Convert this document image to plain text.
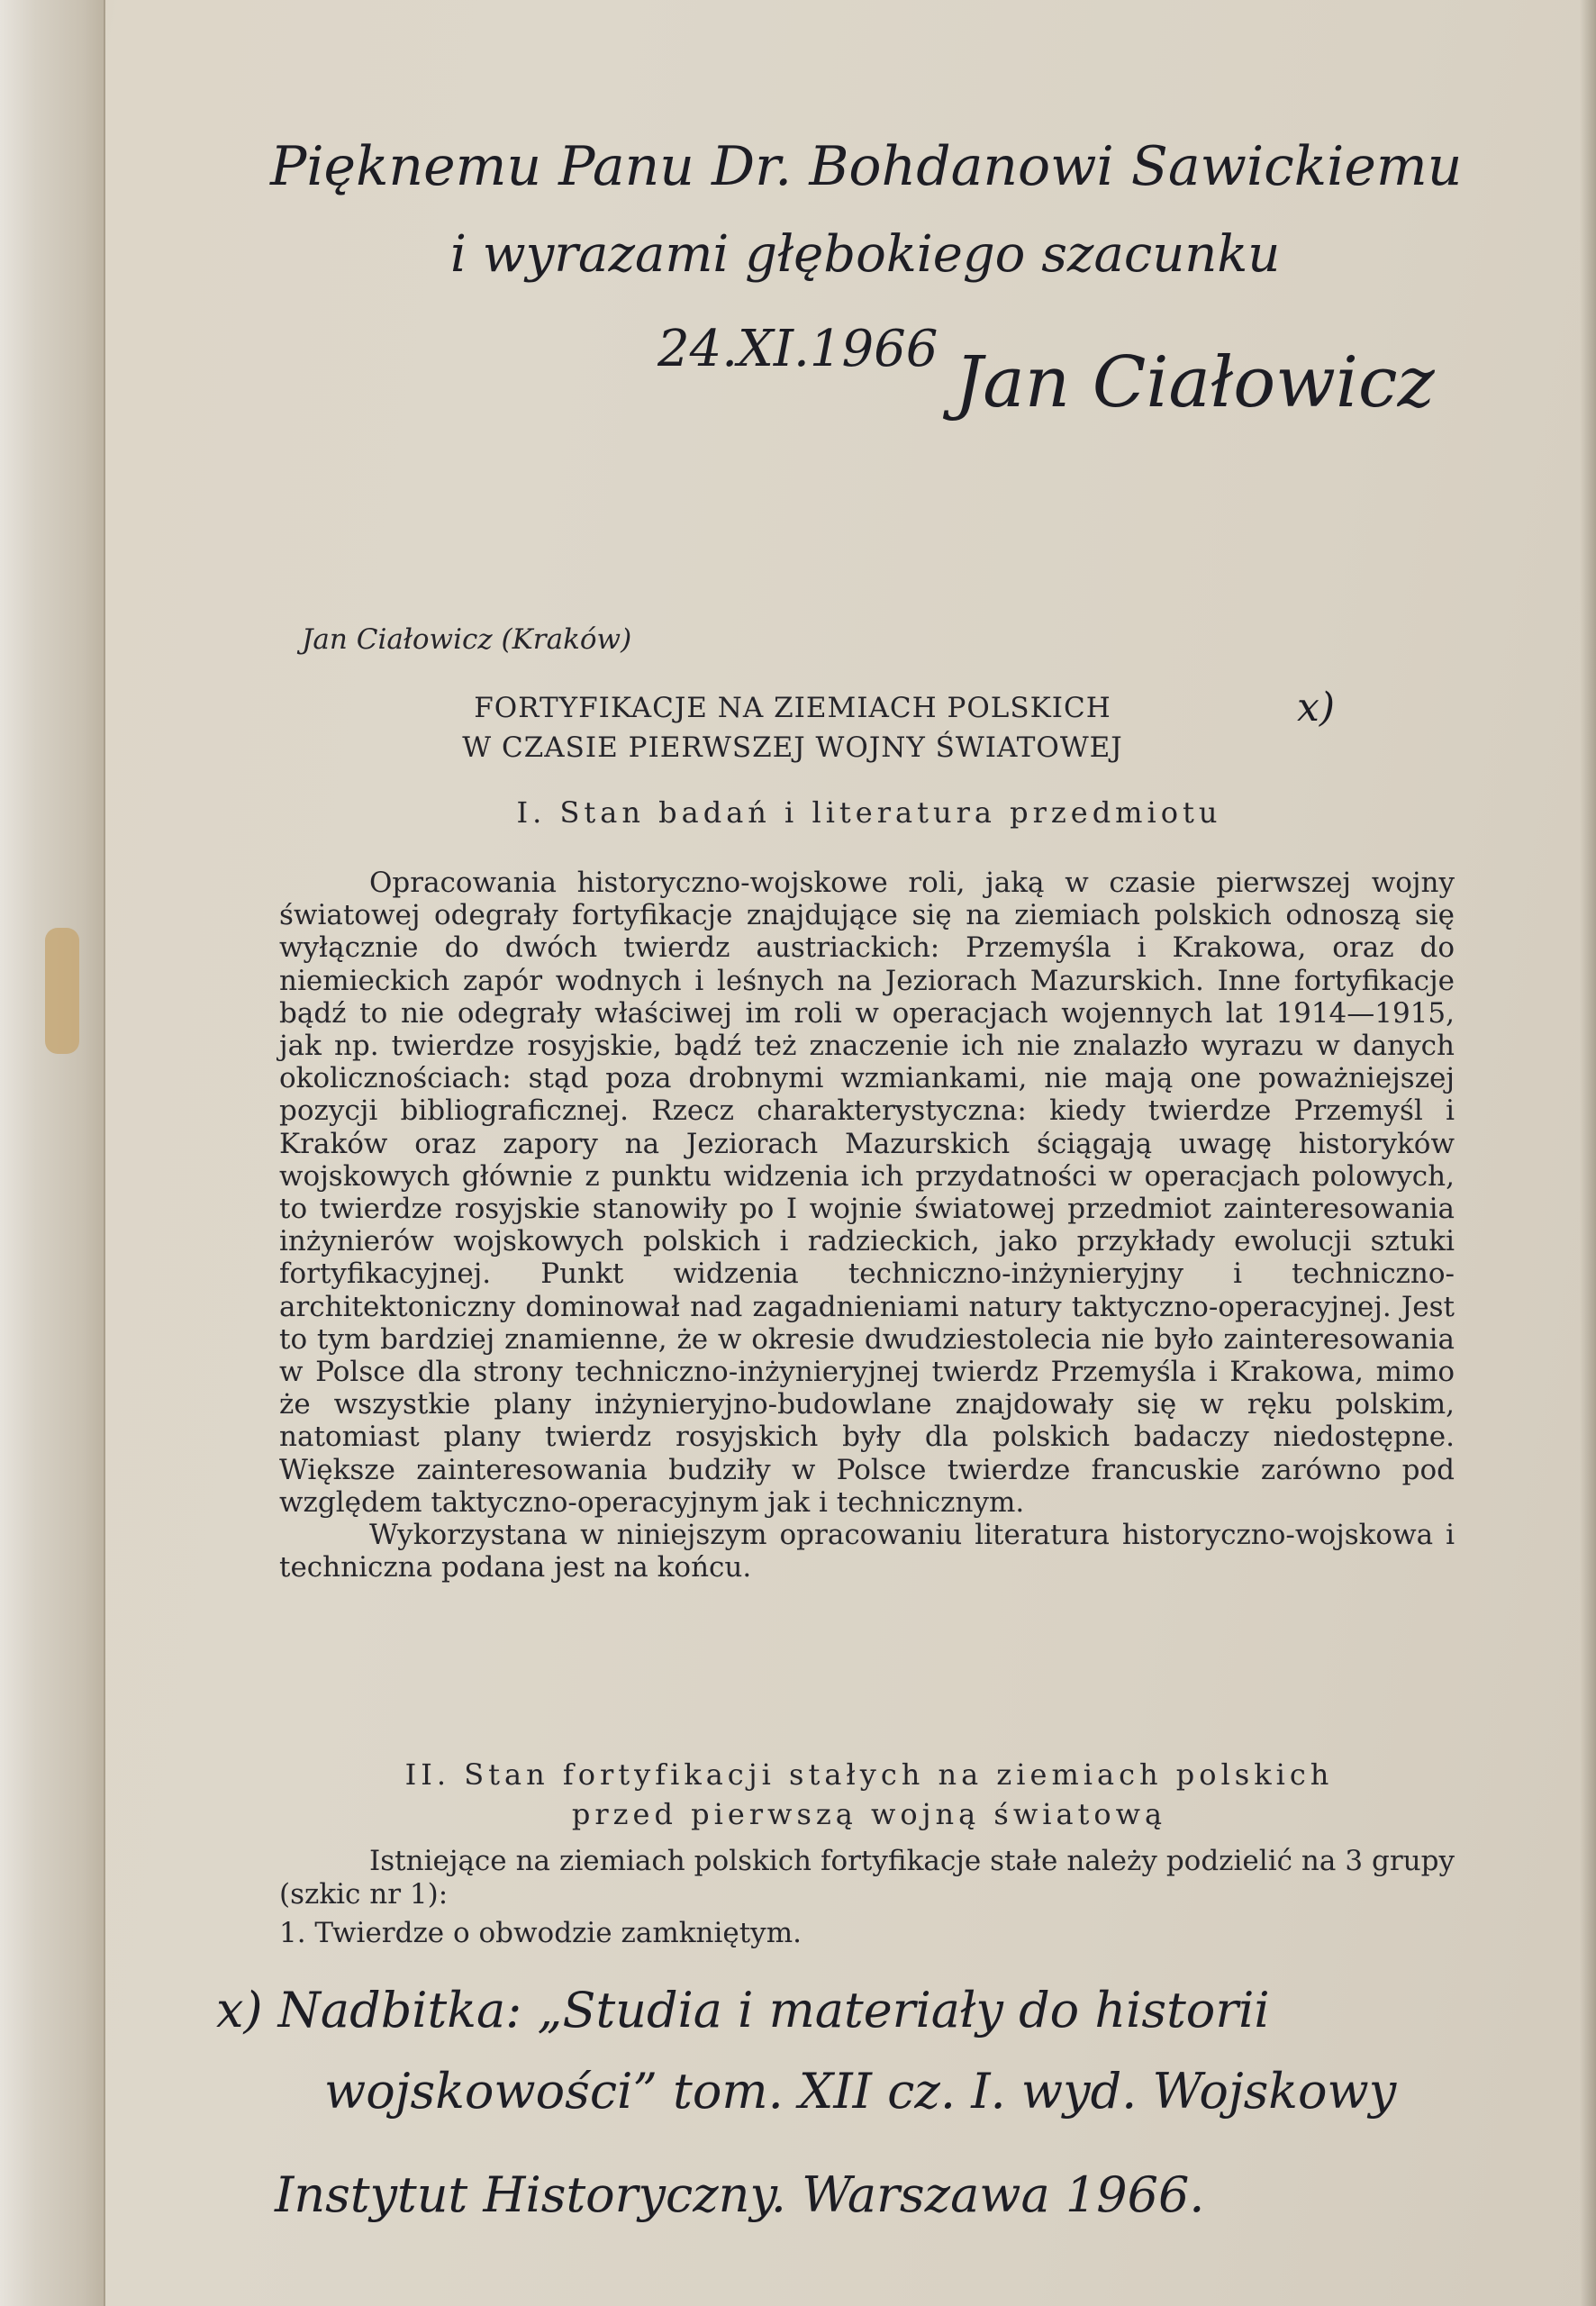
Pięknemu Panu Dr. Bohdanowi Sawickiemu
i wyrazami głębokiego szacunku
24.XI.1966 Jan Ciałowicz
Jan Ciałowicz (Kraków)
FORTYFIKACJE NA ZIEMIACH POLSKICH
W CZASIE PIERWSZEJ WOJNY ŚWIATOWEJ
x)
I. Stan badań i literatura przedmiotu

Opracowania historyczno-wojskowe roli, jaką w czasie pierwszej wojny światowej odegrały fortyfikacje znajdujące się na ziemiach polskich odnoszą się wyłącznie do dwóch twierdz austriackich: Przemyśla i Krakowa, oraz do niemieckich zapór wodnych i leśnych na Jeziorach Mazurskich. Inne fortyfikacje bądź to nie odegrały właściwej im roli w operacjach wojennych lat 1914—1915, jak np. twierdze rosyjskie, bądź też znaczenie ich nie znalazło wyrazu w danych okolicznościach: stąd poza drobnymi wzmiankami, nie mają one poważniejszej pozycji bibliograficznej. Rzecz charakterystyczna: kiedy twierdze Przemyśl i Kraków oraz zapory na Jeziorach Mazurskich ściągają uwagę historyków wojskowych głównie z punktu widzenia ich przydatności w operacjach polowych, to twierdze rosyjskie stanowiły po I wojnie światowej przedmiot zainteresowania inżynierów wojskowych polskich i radzieckich, jako przykłady ewolucji sztuki fortyfikacyjnej. Punkt widzenia techniczno-inżynieryjny i techniczno-architektoniczny dominował nad zagadnieniami natury taktyczno-operacyjnej. Jest to tym bardziej znamienne, że w okresie dwudziestolecia nie było zainteresowania w Polsce dla strony techniczno-inżynieryjnej twierdz Przemyśla i Krakowa, mimo że wszystkie plany inżynieryjno-budowlane znajdowały się w ręku polskim, natomiast plany twierdz rosyjskich były dla polskich badaczy niedostępne. Większe zainteresowania budziły w Polsce twierdze francuskie zarówno pod względem taktyczno-operacyjnym jak i technicznym.

Wykorzystana w niniejszym opracowaniu literatura historyczno-wojskowa i techniczna podana jest na końcu.

II. Stan fortyfikacji stałych na ziemiach polskich
przed pierwszą wojną światową

Istniejące na ziemiach polskich fortyfikacje stałe należy podzielić na 3 grupy (szkic nr 1):

1. Twierdze o obwodzie zamkniętym.
x) Nadbitka: „Studia i materiały do historii
wojskowości” tom. XII cz. I. wyd. Wojskowy
Instytut Historyczny. Warszawa 1966.
